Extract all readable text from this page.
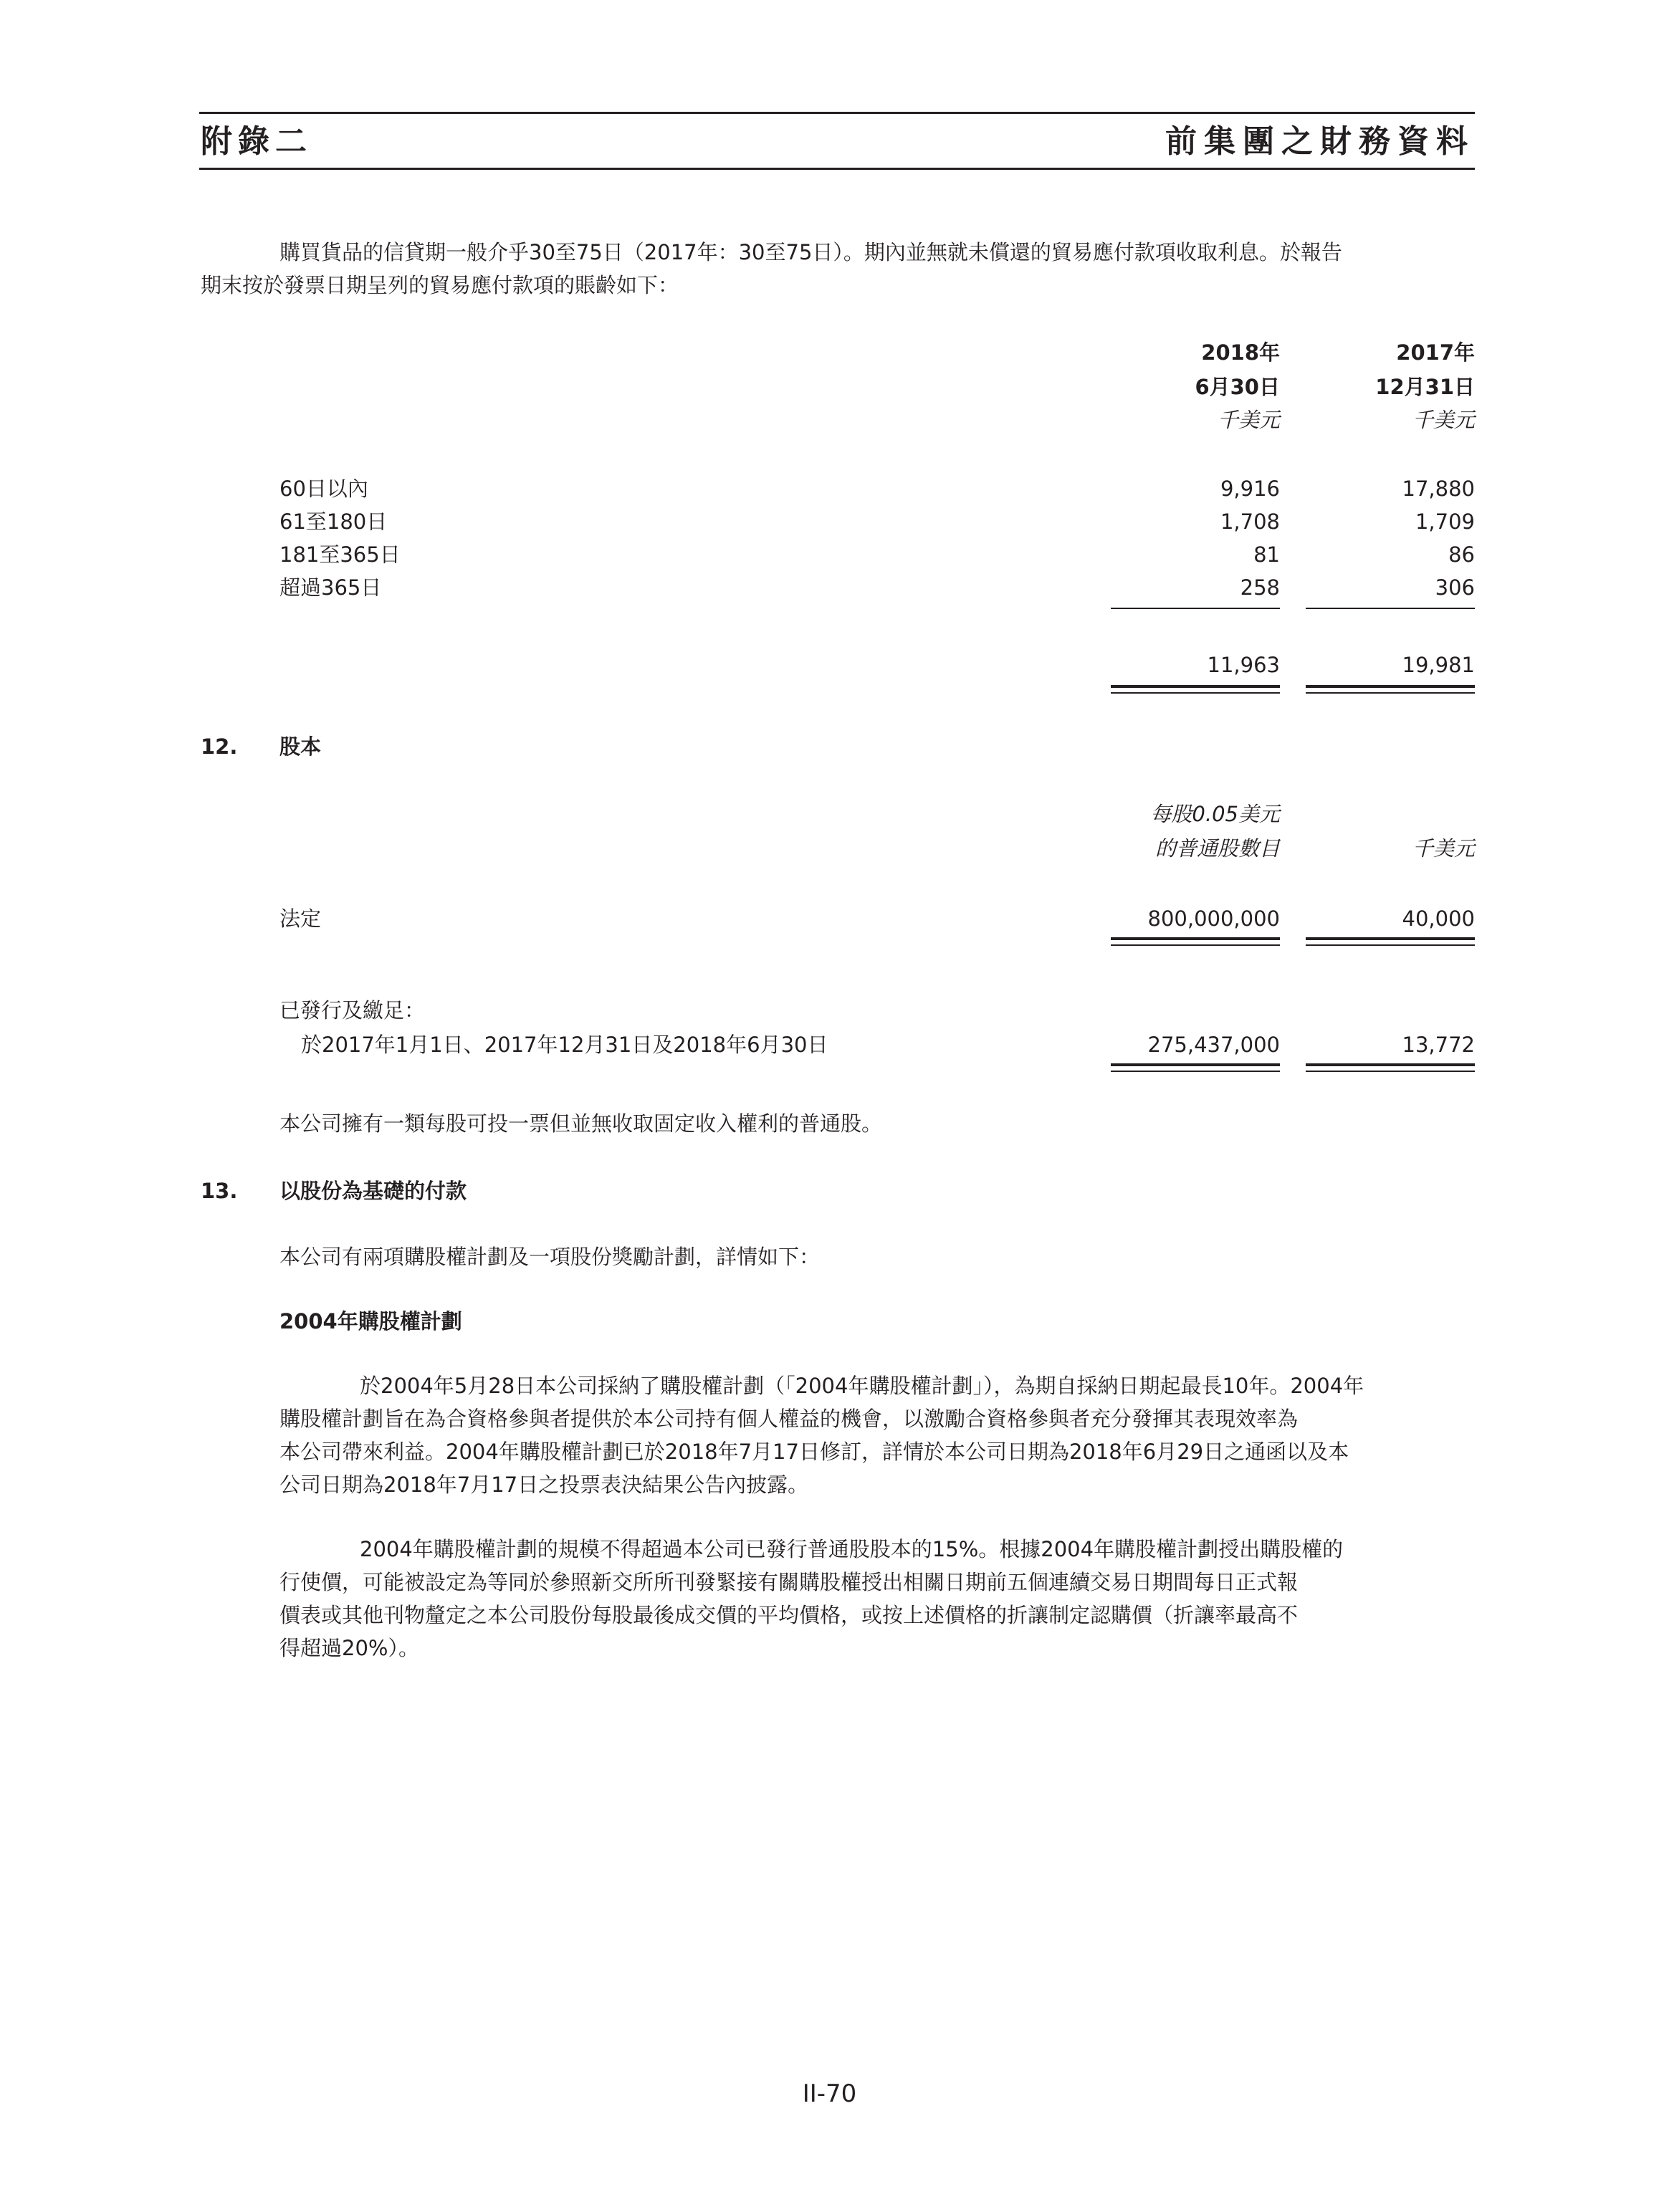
附錄二	前集團之財務資料
購買貨品的信貸期一般介乎30至75日（2017年：30至75日）。期內並無就未償還的貿易應付款項收取利息。於報告
期末按於發票日期呈列的貿易應付款項的賬齡如下：
2018年	2017年
6月30日	12月31日
千美元	千美元
60日以內	9,916	17,880
61至180日	1,708	1,709
181至365日	81	86
超過365日	258	306
11,963	19,981
12. 股本
每股0.05美元
的普通股數目	千美元
法定	800,000,000	40,000
已發行及繳足：
於2017年1月1日、2017年12月31日及2018年6月30日	275,437,000	13,772
本公司擁有一類每股可投一票但並無收取固定收入權利的普通股。
13. 以股份為基礎的付款
本公司有兩項購股權計劃及一項股份獎勵計劃，詳情如下：
2004年購股權計劃
於2004年5月28日本公司採納了購股權計劃（「2004年購股權計劃」），為期自採納日期起最長10年。2004年
購股權計劃旨在為合資格參與者提供於本公司持有個人權益的機會，以激勵合資格參與者充分發揮其表現效率為
本公司帶來利益。2004年購股權計劃已於2018年7月17日修訂，詳情於本公司日期為2018年6月29日之通函以及本
公司日期為2018年7月17日之投票表決結果公告內披露。
2004年購股權計劃的規模不得超過本公司已發行普通股股本的15%。根據2004年購股權計劃授出購股權的
行使價，可能被設定為等同於參照新交所所刊發緊接有關購股權授出相關日期前五個連續交易日期間每日正式報
價表或其他刊物釐定之本公司股份每股最後成交價的平均價格，或按上述價格的折讓制定認購價（折讓率最高不
得超過20%）。
II-70
